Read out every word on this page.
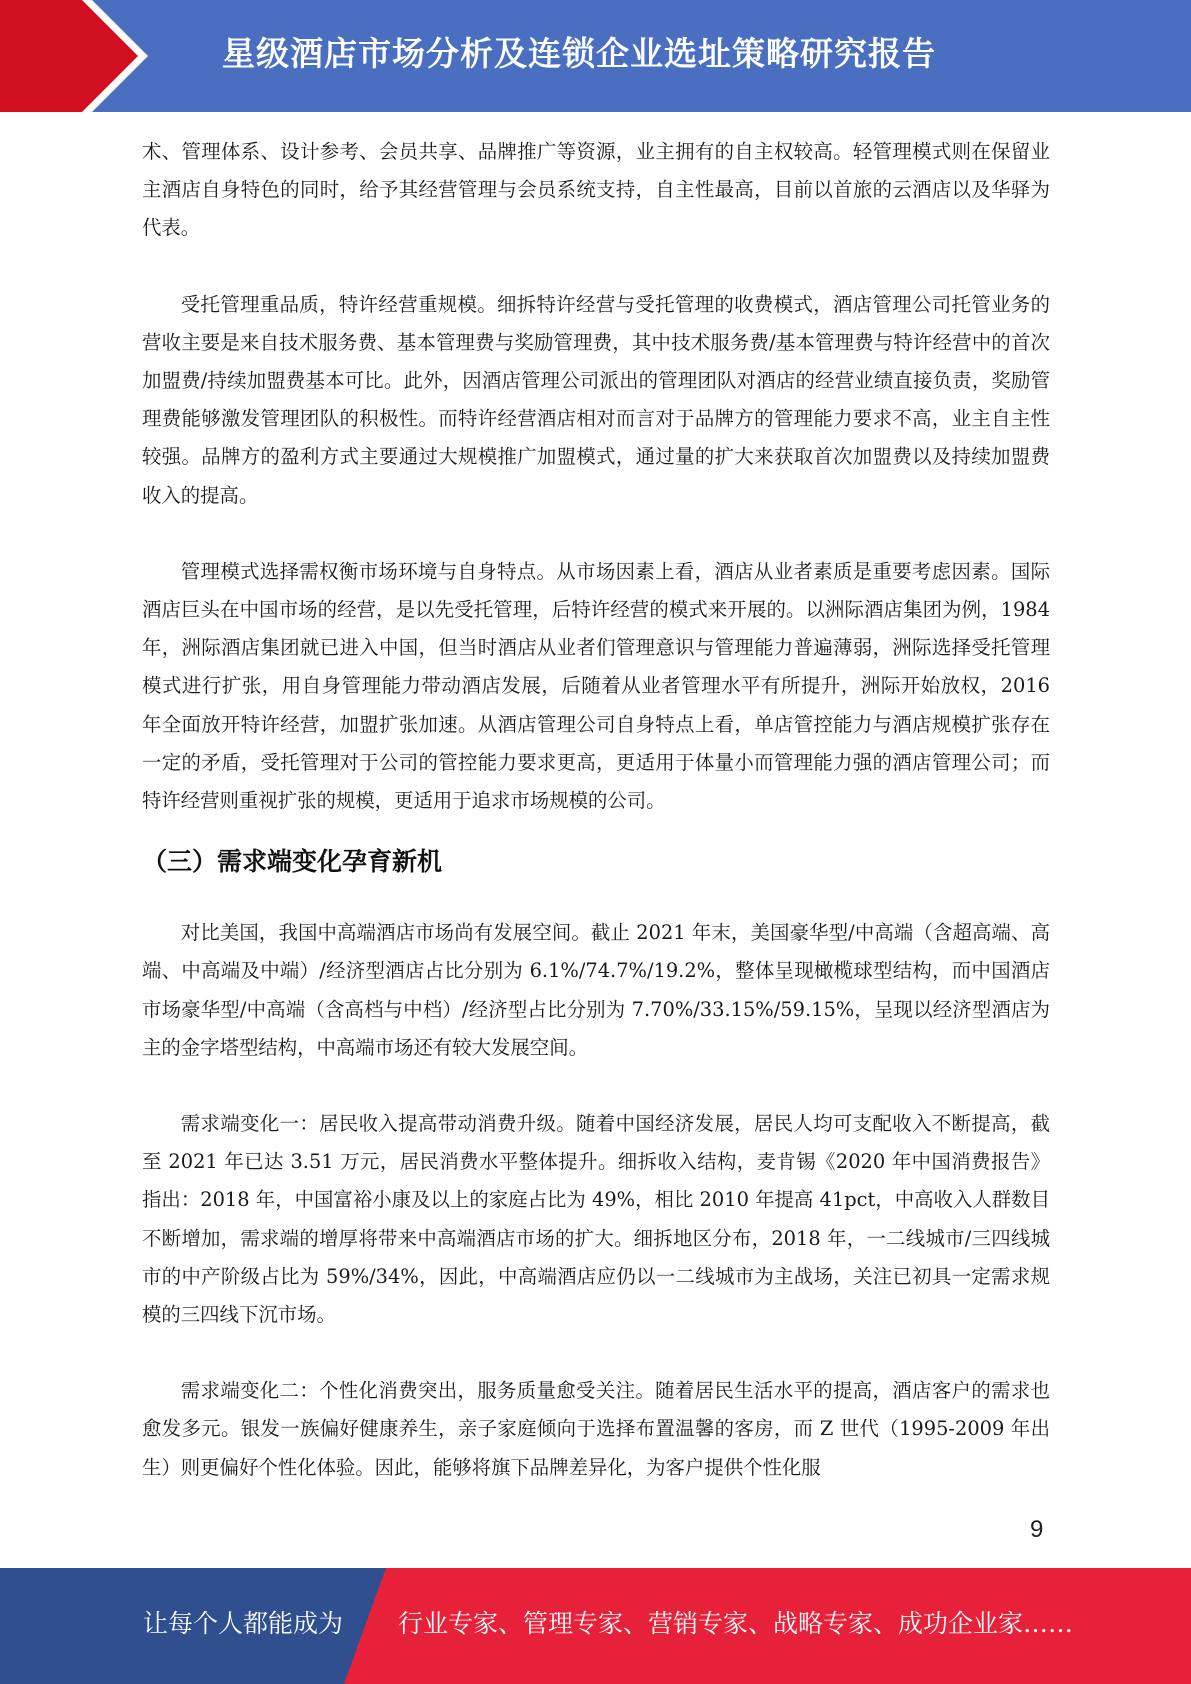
星级酒店市场分析及连锁企业选址策略研究报告

术、管理体系、设计参考、会员共享、品牌推广等资源，业主拥有的自主权较高。轻管理模式则在保留业主酒店自身特色的同时，给予其经营管理与会员系统支持，自主性最高，目前以首旅的云酒店以及华驿为代表。

受托管理重品质，特许经营重规模。细拆特许经营与受托管理的收费模式，酒店管理公司托管业务的营收主要是来自技术服务费、基本管理费与奖励管理费，其中技术服务费/基本管理费与特许经营中的首次加盟费/持续加盟费基本可比。此外，因酒店管理公司派出的管理团队对酒店的经营业绩直接负责，奖励管理费能够激发管理团队的积极性。而特许经营酒店相对而言对于品牌方的管理能力要求不高，业主自主性较强。品牌方的盈利方式主要通过大规模推广加盟模式，通过量的扩大来获取首次加盟费以及持续加盟费收入的提高。

管理模式选择需权衡市场环境与自身特点。从市场因素上看，酒店从业者素质是重要考虑因素。国际酒店巨头在中国市场的经营，是以先受托管理，后特许经营的模式来开展的。以洲际酒店集团为例，1984 年，洲际酒店集团就已进入中国，但当时酒店从业者们管理意识与管理能力普遍薄弱，洲际选择受托管理模式进行扩张，用自身管理能力带动酒店发展，后随着从业者管理水平有所提升，洲际开始放权，2016 年全面放开特许经营，加盟扩张加速。从酒店管理公司自身特点上看，单店管控能力与酒店规模扩张存在一定的矛盾，受托管理对于公司的管控能力要求更高，更适用于体量小而管理能力强的酒店管理公司；而特许经营则重视扩张的规模，更适用于追求市场规模的公司。

（三）需求端变化孕育新机

对比美国，我国中高端酒店市场尚有发展空间。截止 2021 年末，美国豪华型/中高端（含超高端、高端、中高端及中端）/经济型酒店占比分别为 6.1%/74.7%/19.2%，整体呈现橄榄球型结构，而中国酒店市场豪华型/中高端（含高档与中档）/经济型占比分别为 7.70%/33.15%/59.15%，呈现以经济型酒店为主的金字塔型结构，中高端市场还有较大发展空间。

需求端变化一：居民收入提高带动消费升级。随着中国经济发展，居民人均可支配收入不断提高，截至 2021 年已达 3.51 万元，居民消费水平整体提升。细拆收入结构，麦肯锡《2020 年中国消费报告》指出：2018 年，中国富裕小康及以上的家庭占比为 49%，相比 2010 年提高 41pct，中高收入人群数目不断增加，需求端的增厚将带来中高端酒店市场的扩大。细拆地区分布，2018 年，一二线城市/三四线城市的中产阶级占比为 59%/34%，因此，中高端酒店应仍以一二线城市为主战场，关注已初具一定需求规模的三四线下沉市场。

需求端变化二：个性化消费突出，服务质量愈受关注。随着居民生活水平的提高，酒店客户的需求也愈发多元。银发一族偏好健康养生，亲子家庭倾向于选择布置温馨的客房，而 Z 世代（1995-2009 年出生）则更偏好个性化体验。因此，能够将旗下品牌差异化，为客户提供个性化服

9
让每个人都能成为 行业专家、管理专家、营销专家、战略专家、成功企业家……
